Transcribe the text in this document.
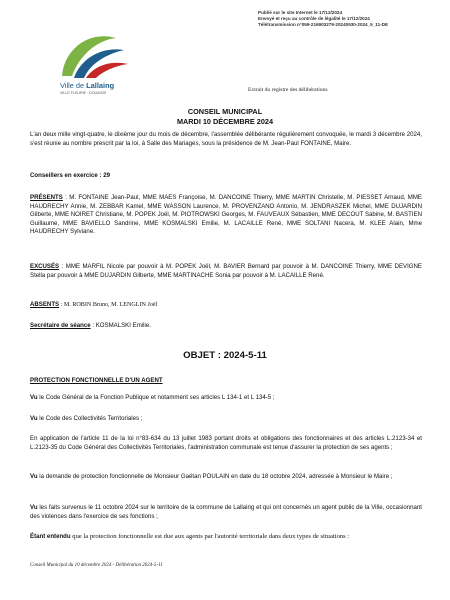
Publié sur le site Internet le 17/12/2024
Envoyé et reçu au contrôle de légalité le 17/12/2024
Télétransmission n°059-216903279-20240930-2024_5_11-DE
Ville de Lallaing
VILLE FLEURIE · DOUAISIS	Extrait du registre des délibérations
CONSEIL MUNICIPAL
MARDI 10 DÉCEMBRE 2024
L'an deux mille vingt-quatre, le dixième jour du mois de décembre, l'assemblée délibérante régulièrement convoquée, le mardi 3 décembre 2024, s'est réunie au nombre prescrit par la loi, à Salle des Mariages, sous la présidence de M. Jean-Paul FONTAINE, Maire.
Conseillers en exercice : 29
PRÉSENTS : M. FONTAINE Jean-Paul, MME MAES Françoise, M. DANCOINE Thierry, MME MARTIN Christelle, M. PIESSET Arnaud, MME HAUDRECHY Annie, M. ZEBBAR Kamel, MME WASSON Laurence, M. PROVENZANO Antonio, M. JENDRASZEK Michel, MME DUJARDIN Gilberte, MME NOIRET Christiane, M. POPEK Joël, M. PIOTROWSKI Georges, M. FAUVEAUX Sébastien, MME DECOUT Sabine, M. BASTIEN Guillaume, MME BAVIELLO Sandrine, MME KOSMALSKI Emilie, M. LACAILLE René, MME SOLTANI Nacera, M. KLEE Alain, Mme HAUDRECHY Sylviane.
EXCUSÉS : MME MARFIL Nicole par pouvoir à M. POPEK Joël, M. BAVIER Bernard par pouvoir à M. DANCOINE Thierry, MME DEVIGNE Stella par pouvoir à MME DUJARDIN Gilberte, MME MARTINACHE Sonia par pouvoir à M. LACAILLE René.
ABSENTS : M. ROBIN Bruno, M. LENGLIN Joël
Secrétaire de séance : KOSMALSKI Emilie.
OBJET : 2024-5-11
PROTECTION FONCTIONNELLE D'UN AGENT
Vu le Code Général de la Fonction Publique et notamment ses articles L 134-1 et L 134-5 ;
Vu le Code des Collectivités Territoriales ;
En application de l'article 11 de la loi n°83-634 du 13 juillet 1983 portant droits et obligations des fonctionnaires et des articles L.2123-34 et L.2123-35 du Code Général des Collectivités Territoriales, l'administration communale est tenue d'assurer la protection de ses agents ;
Vu la demande de protection fonctionnelle de Monsieur Gaëtan POULAIN en date du 18 octobre 2024, adressée à Monsieur le Maire ;
Vu les faits survenus le 11 octobre 2024 sur le territoire de la commune de Lallaing et qui ont concernés un agent public de la Ville, occasionnant des violences dans l'exercice de ses fonctions ;
Étant entendu que la protection fonctionnelle est due aux agents par l'autorité territoriale dans deux types de situations :
Conseil Municipal du 10 décembre 2024 - Délibération 2024-5-11
